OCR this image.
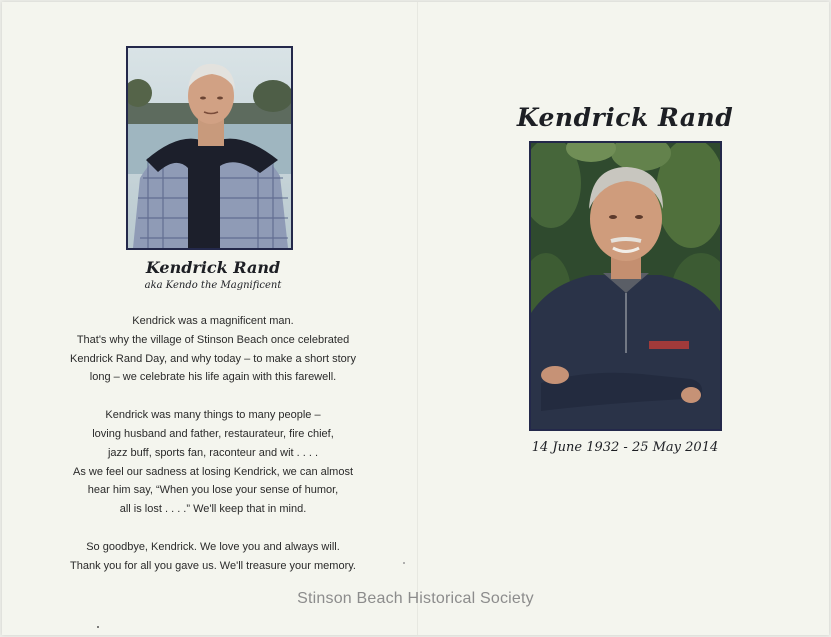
Kendrick Rand
aka Kendo the Magnificent

Kendrick was a magnificent man.
That's why the village of Stinson Beach once celebrated
Kendrick Rand Day, and why today – to make a short story
long – we celebrate his life again with this farewell.

Kendrick was many things to many people –
loving husband and father, restaurateur, fire chief,
jazz buff, sports fan, raconteur and wit . . . .
As we feel our sadness at losing Kendrick, we can almost
hear him say, “When you lose your sense of humor,
all is lost . . . .” We'll keep that in mind.

So goodbye, Kendrick. We love you and always will.
Thank you for all you gave us. We'll treasure your memory.

Kendrick Rand
14 June 1932 - 25 May 2014
Stinson Beach Historical Society
